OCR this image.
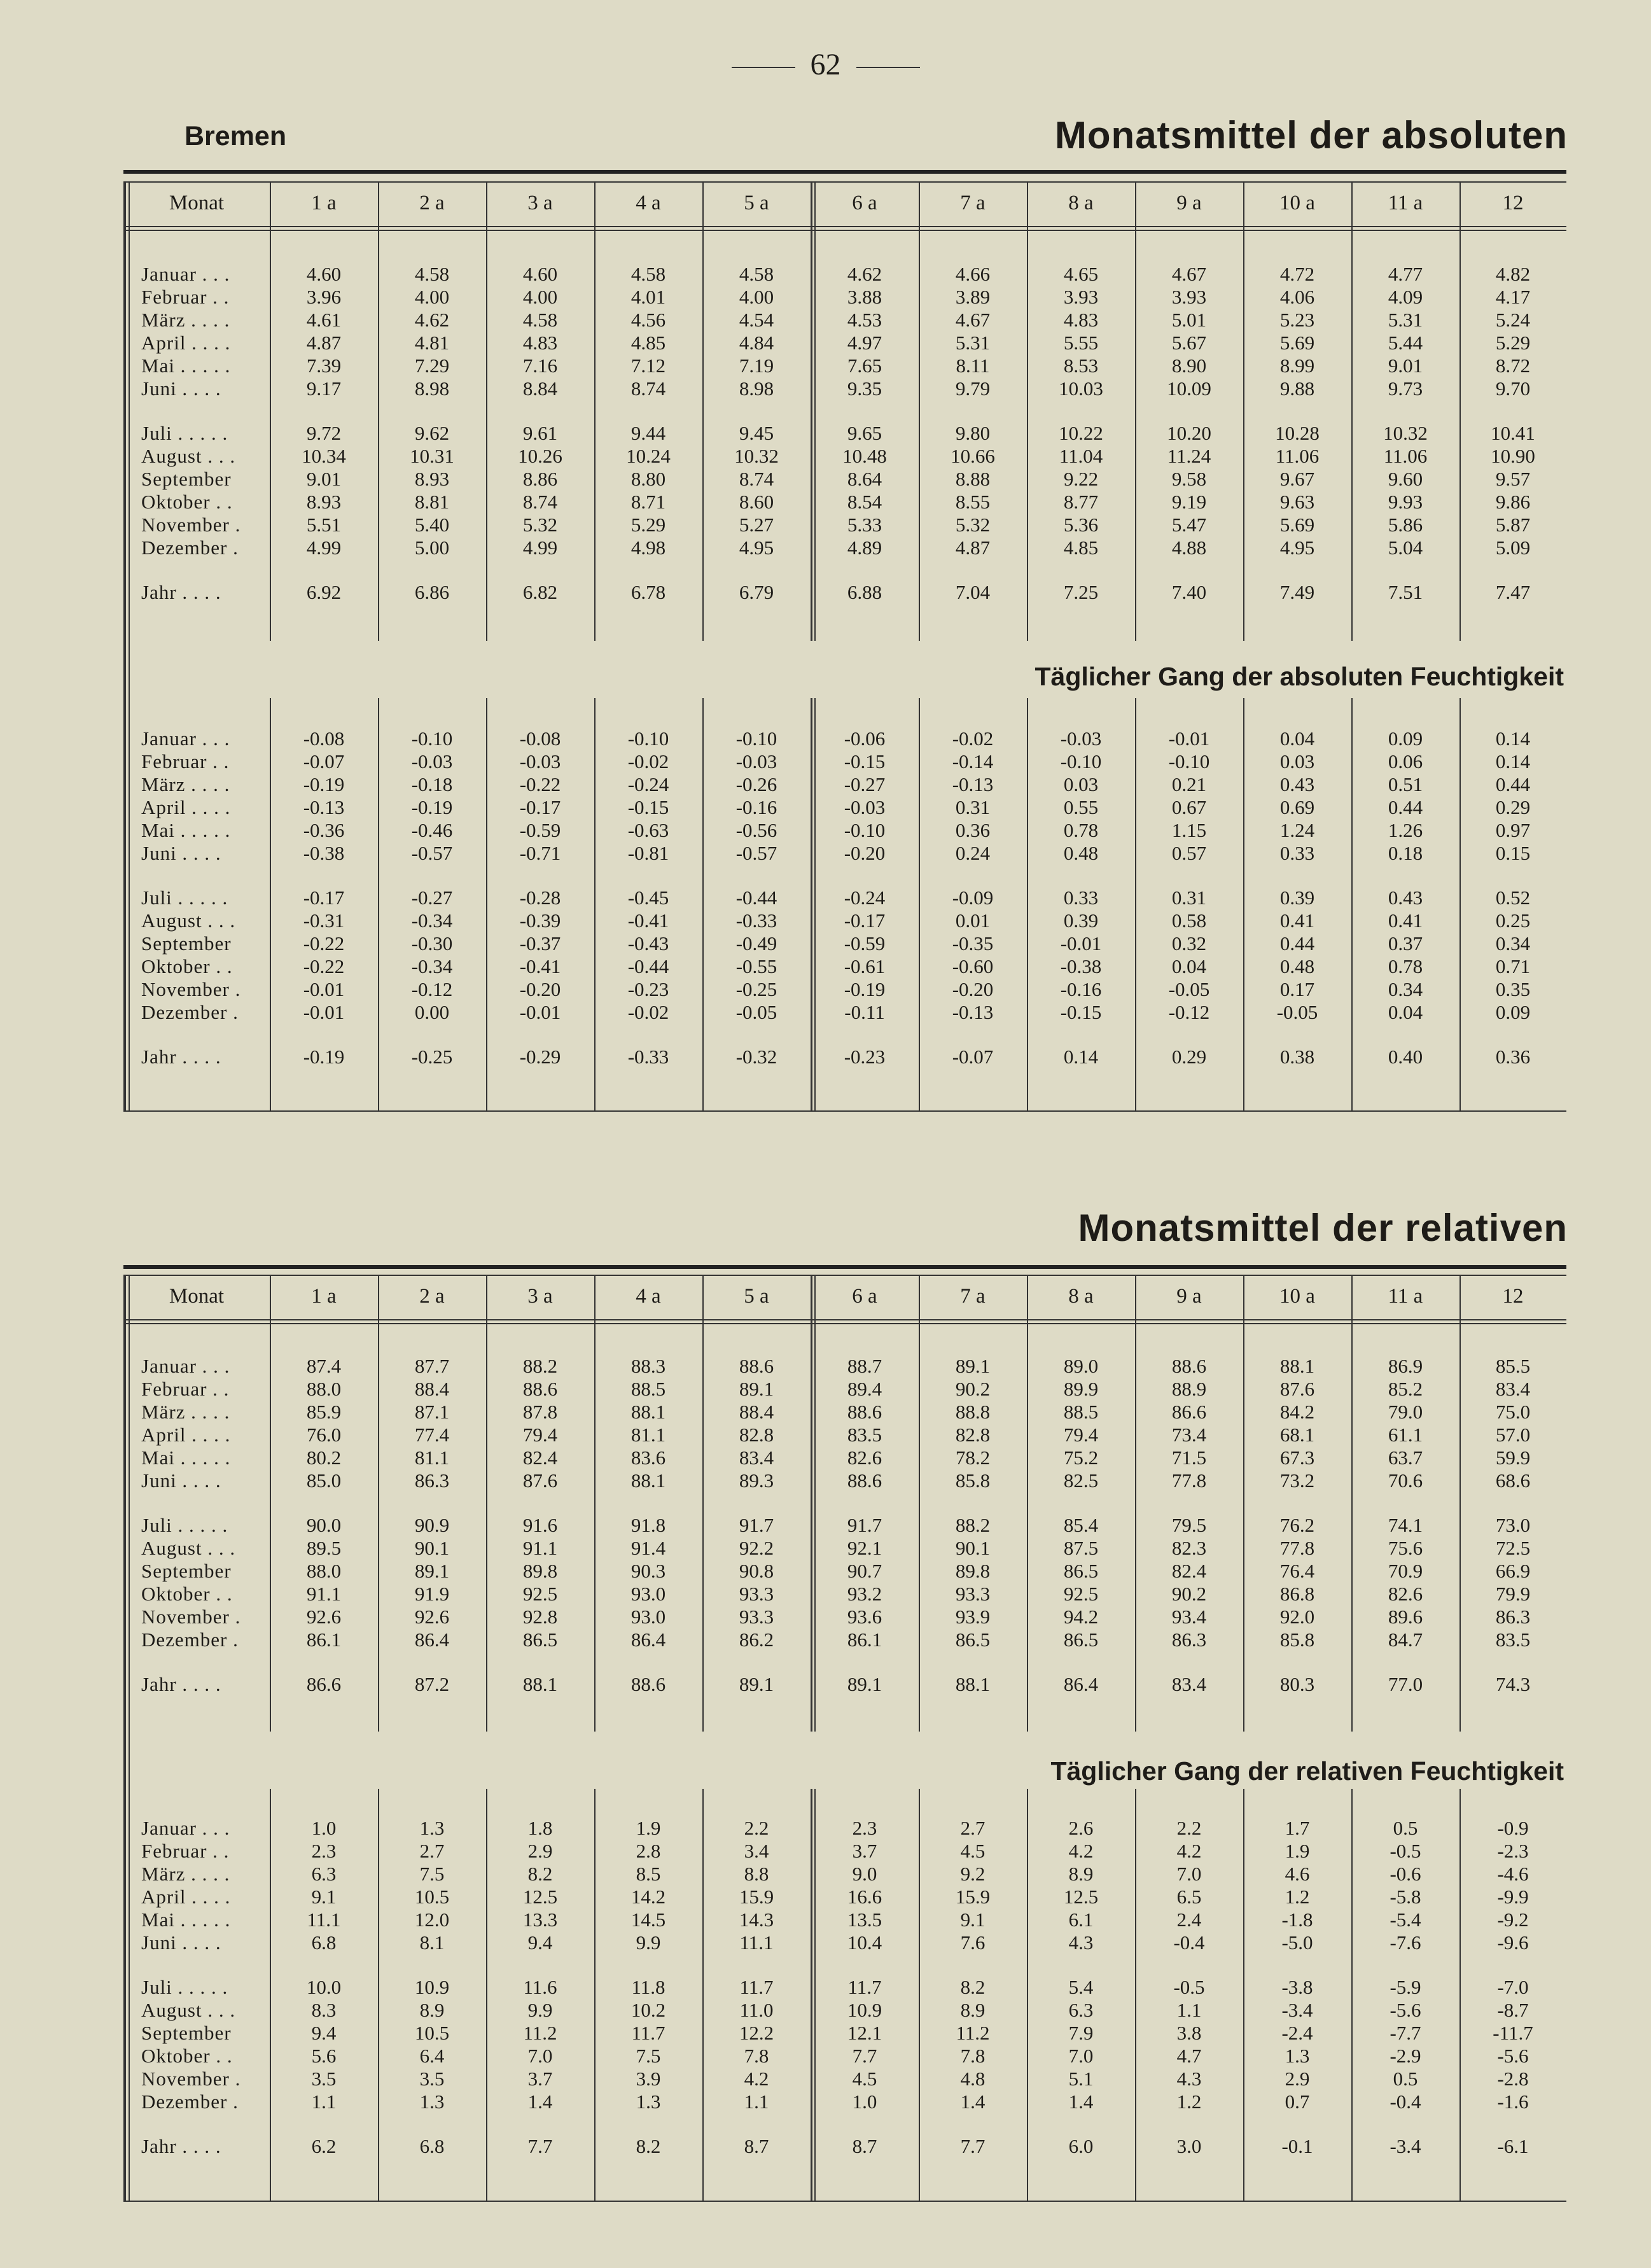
62
Bremen	Monatsmittel der absoluten
Monatsmittel der relativen
Monat	1 a	2 a	3 a	4 a	5 a	6 a	7 a	8 a	9 a	10 a	11 a	12
Januar . . .	4.60	4.58	4.60	4.58	4.58	4.62	4.66	4.65	4.67	4.72	4.77	4.82
Februar . .	3.96	4.00	4.00	4.01	4.00	3.88	3.89	3.93	3.93	4.06	4.09	4.17
März . . . .	4.61	4.62	4.58	4.56	4.54	4.53	4.67	4.83	5.01	5.23	5.31	5.24
April . . . .	4.87	4.81	4.83	4.85	4.84	4.97	5.31	5.55	5.67	5.69	5.44	5.29
Mai . . . . .	7.39	7.29	7.16	7.12	7.19	7.65	8.11	8.53	8.90	8.99	9.01	8.72
Juni . . . .	9.17	8.98	8.84	8.74	8.98	9.35	9.79	10.03	10.09	9.88	9.73	9.70
Juli . . . . .	9.72	9.62	9.61	9.44	9.45	9.65	9.80	10.22	10.20	10.28	10.32	10.41
August . . .	10.34	10.31	10.26	10.24	10.32	10.48	10.66	11.04	11.24	11.06	11.06	10.90
September	9.01	8.93	8.86	8.80	8.74	8.64	8.88	9.22	9.58	9.67	9.60	9.57
Oktober . .	8.93	8.81	8.74	8.71	8.60	8.54	8.55	8.77	9.19	9.63	9.93	9.86
November .	5.51	5.40	5.32	5.29	5.27	5.33	5.32	5.36	5.47	5.69	5.86	5.87
Dezember .	4.99	5.00	4.99	4.98	4.95	4.89	4.87	4.85	4.88	4.95	5.04	5.09
Jahr . . . .	6.92	6.86	6.82	6.78	6.79	6.88	7.04	7.25	7.40	7.49	7.51	7.47
Januar . . .	-0.08	-0.10	-0.08	-0.10	-0.10	-0.06	-0.02	-0.03	-0.01	0.04	0.09	0.14
Februar . .	-0.07	-0.03	-0.03	-0.02	-0.03	-0.15	-0.14	-0.10	-0.10	0.03	0.06	0.14
März . . . .	-0.19	-0.18	-0.22	-0.24	-0.26	-0.27	-0.13	0.03	0.21	0.43	0.51	0.44
April . . . .	-0.13	-0.19	-0.17	-0.15	-0.16	-0.03	0.31	0.55	0.67	0.69	0.44	0.29
Mai . . . . .	-0.36	-0.46	-0.59	-0.63	-0.56	-0.10	0.36	0.78	1.15	1.24	1.26	0.97
Juni . . . .	-0.38	-0.57	-0.71	-0.81	-0.57	-0.20	0.24	0.48	0.57	0.33	0.18	0.15
Juli . . . . .	-0.17	-0.27	-0.28	-0.45	-0.44	-0.24	-0.09	0.33	0.31	0.39	0.43	0.52
August . . .	-0.31	-0.34	-0.39	-0.41	-0.33	-0.17	0.01	0.39	0.58	0.41	0.41	0.25
September	-0.22	-0.30	-0.37	-0.43	-0.49	-0.59	-0.35	-0.01	0.32	0.44	0.37	0.34
Oktober . .	-0.22	-0.34	-0.41	-0.44	-0.55	-0.61	-0.60	-0.38	0.04	0.48	0.78	0.71
November .	-0.01	-0.12	-0.20	-0.23	-0.25	-0.19	-0.20	-0.16	-0.05	0.17	0.34	0.35
Dezember .	-0.01	0.00	-0.01	-0.02	-0.05	-0.11	-0.13	-0.15	-0.12	-0.05	0.04	0.09
Jahr . . . .	-0.19	-0.25	-0.29	-0.33	-0.32	-0.23	-0.07	0.14	0.29	0.38	0.40	0.36
Monat	1 a	2 a	3 a	4 a	5 a	6 a	7 a	8 a	9 a	10 a	11 a	12
Januar . . .	87.4	87.7	88.2	88.3	88.6	88.7	89.1	89.0	88.6	88.1	86.9	85.5
Februar . .	88.0	88.4	88.6	88.5	89.1	89.4	90.2	89.9	88.9	87.6	85.2	83.4
März . . . .	85.9	87.1	87.8	88.1	88.4	88.6	88.8	88.5	86.6	84.2	79.0	75.0
April . . . .	76.0	77.4	79.4	81.1	82.8	83.5	82.8	79.4	73.4	68.1	61.1	57.0
Mai . . . . .	80.2	81.1	82.4	83.6	83.4	82.6	78.2	75.2	71.5	67.3	63.7	59.9
Juni . . . .	85.0	86.3	87.6	88.1	89.3	88.6	85.8	82.5	77.8	73.2	70.6	68.6
Juli . . . . .	90.0	90.9	91.6	91.8	91.7	91.7	88.2	85.4	79.5	76.2	74.1	73.0
August . . .	89.5	90.1	91.1	91.4	92.2	92.1	90.1	87.5	82.3	77.8	75.6	72.5
September	88.0	89.1	89.8	90.3	90.8	90.7	89.8	86.5	82.4	76.4	70.9	66.9
Oktober . .	91.1	91.9	92.5	93.0	93.3	93.2	93.3	92.5	90.2	86.8	82.6	79.9
November .	92.6	92.6	92.8	93.0	93.3	93.6	93.9	94.2	93.4	92.0	89.6	86.3
Dezember .	86.1	86.4	86.5	86.4	86.2	86.1	86.5	86.5	86.3	85.8	84.7	83.5
Jahr . . . .	86.6	87.2	88.1	88.6	89.1	89.1	88.1	86.4	83.4	80.3	77.0	74.3
Januar . . .	1.0	1.3	1.8	1.9	2.2	2.3	2.7	2.6	2.2	1.7	0.5	-0.9
Februar . .	2.3	2.7	2.9	2.8	3.4	3.7	4.5	4.2	4.2	1.9	-0.5	-2.3
März . . . .	6.3	7.5	8.2	8.5	8.8	9.0	9.2	8.9	7.0	4.6	-0.6	-4.6
April . . . .	9.1	10.5	12.5	14.2	15.9	16.6	15.9	12.5	6.5	1.2	-5.8	-9.9
Mai . . . . .	11.1	12.0	13.3	14.5	14.3	13.5	9.1	6.1	2.4	-1.8	-5.4	-9.2
Juni . . . .	6.8	8.1	9.4	9.9	11.1	10.4	7.6	4.3	-0.4	-5.0	-7.6	-9.6
Juli . . . . .	10.0	10.9	11.6	11.8	11.7	11.7	8.2	5.4	-0.5	-3.8	-5.9	-7.0
August . . .	8.3	8.9	9.9	10.2	11.0	10.9	8.9	6.3	1.1	-3.4	-5.6	-8.7
September	9.4	10.5	11.2	11.7	12.2	12.1	11.2	7.9	3.8	-2.4	-7.7	-11.7
Oktober . .	5.6	6.4	7.0	7.5	7.8	7.7	7.8	7.0	4.7	1.3	-2.9	-5.6
November .	3.5	3.5	3.7	3.9	4.2	4.5	4.8	5.1	4.3	2.9	0.5	-2.8
Dezember .	1.1	1.3	1.4	1.3	1.1	1.0	1.4	1.4	1.2	0.7	-0.4	-1.6
Jahr . . . .	6.2	6.8	7.7	8.2	8.7	8.7	7.7	6.0	3.0	-0.1	-3.4	-6.1
Täglicher Gang der absoluten Feuchtigkeit
Täglicher Gang der relativen Feuchtigkeit
